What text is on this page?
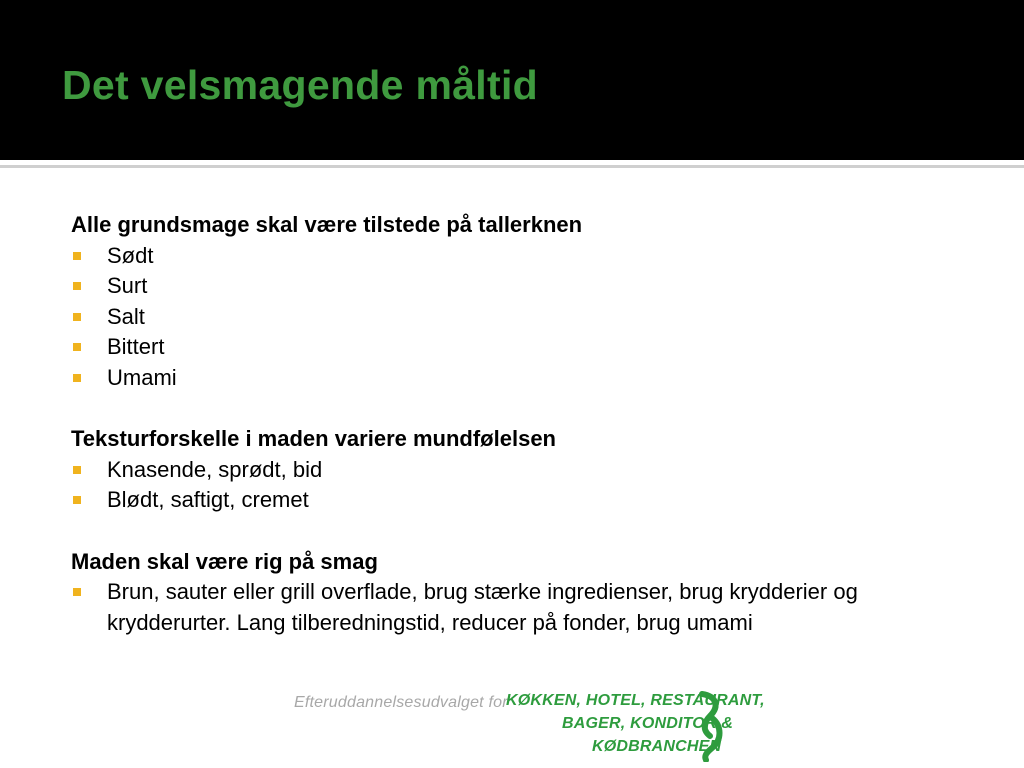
Det velsmagende måltid

Alle grundsmage skal være tilstede på tallerknen

Sødt
Surt
Salt
Bittert
Umami

Teksturforskelle i maden variere mundfølelsen

Knasende, sprødt, bid
Blødt, saftigt, cremet

Maden skal være rig på smag

Brun, sauter eller grill overflade, brug stærke ingredienser, brug krydderier og krydderurter. Lang tilberedningstid, reducer på fonder, brug umami
Efteruddannelsesudvalget for
KØKKEN, HOTEL, RESTAURANT,
BAGER, KONDITOR &
KØDBRANCHEN
